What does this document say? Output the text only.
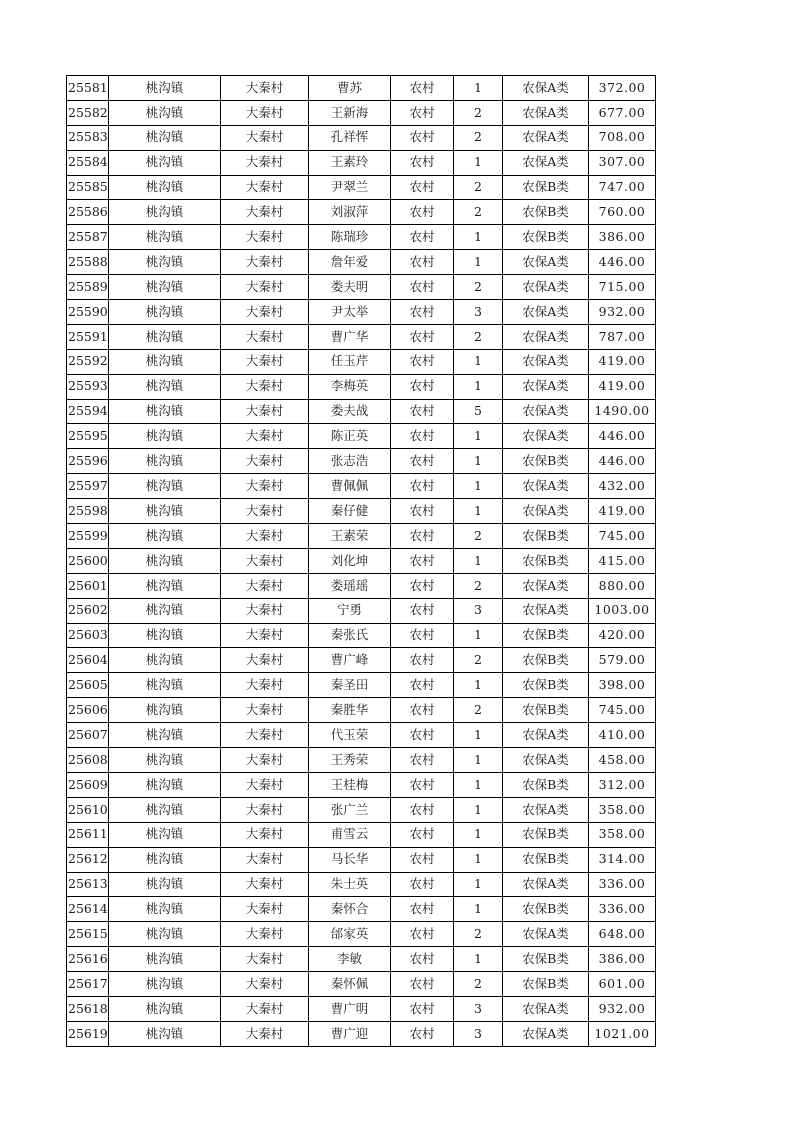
25581	桃沟镇	大秦村	曹苏	农村	1	农保A类	372.00
25582	桃沟镇	大秦村	王新海	农村	2	农保A类	677.00
25583	桃沟镇	大秦村	孔祥恽	农村	2	农保A类	708.00
25584	桃沟镇	大秦村	王素玲	农村	1	农保A类	307.00
25585	桃沟镇	大秦村	尹翠兰	农村	2	农保B类	747.00
25586	桃沟镇	大秦村	刘淑萍	农村	2	农保B类	760.00
25587	桃沟镇	大秦村	陈瑞珍	农村	1	农保B类	386.00
25588	桃沟镇	大秦村	詹年爱	农村	1	农保A类	446.00
25589	桃沟镇	大秦村	娄夫明	农村	2	农保A类	715.00
25590	桃沟镇	大秦村	尹太举	农村	3	农保A类	932.00
25591	桃沟镇	大秦村	曹广华	农村	2	农保A类	787.00
25592	桃沟镇	大秦村	任玉芹	农村	1	农保A类	419.00
25593	桃沟镇	大秦村	李梅英	农村	1	农保A类	419.00
25594	桃沟镇	大秦村	娄夫战	农村	5	农保A类	1490.00
25595	桃沟镇	大秦村	陈正英	农村	1	农保A类	446.00
25596	桃沟镇	大秦村	张志浩	农村	1	农保B类	446.00
25597	桃沟镇	大秦村	曹佩佩	农村	1	农保A类	432.00
25598	桃沟镇	大秦村	秦仔健	农村	1	农保A类	419.00
25599	桃沟镇	大秦村	王素荣	农村	2	农保B类	745.00
25600	桃沟镇	大秦村	刘化坤	农村	1	农保B类	415.00
25601	桃沟镇	大秦村	娄瑶瑶	农村	2	农保A类	880.00
25602	桃沟镇	大秦村	宁勇	农村	3	农保A类	1003.00
25603	桃沟镇	大秦村	秦张氏	农村	1	农保B类	420.00
25604	桃沟镇	大秦村	曹广峰	农村	2	农保B类	579.00
25605	桃沟镇	大秦村	秦圣田	农村	1	农保B类	398.00
25606	桃沟镇	大秦村	秦胜华	农村	2	农保B类	745.00
25607	桃沟镇	大秦村	代玉荣	农村	1	农保A类	410.00
25608	桃沟镇	大秦村	王秀荣	农村	1	农保A类	458.00
25609	桃沟镇	大秦村	王桂梅	农村	1	农保B类	312.00
25610	桃沟镇	大秦村	张广兰	农村	1	农保A类	358.00
25611	桃沟镇	大秦村	甫雪云	农村	1	农保B类	358.00
25612	桃沟镇	大秦村	马长华	农村	1	农保B类	314.00
25613	桃沟镇	大秦村	朱士英	农村	1	农保A类	336.00
25614	桃沟镇	大秦村	秦怀合	农村	1	农保B类	336.00
25615	桃沟镇	大秦村	邰家英	农村	2	农保A类	648.00
25616	桃沟镇	大秦村	李敏	农村	1	农保B类	386.00
25617	桃沟镇	大秦村	秦怀佩	农村	2	农保B类	601.00
25618	桃沟镇	大秦村	曹广明	农村	3	农保A类	932.00
25619	桃沟镇	大秦村	曹广迎	农村	3	农保A类	1021.00
